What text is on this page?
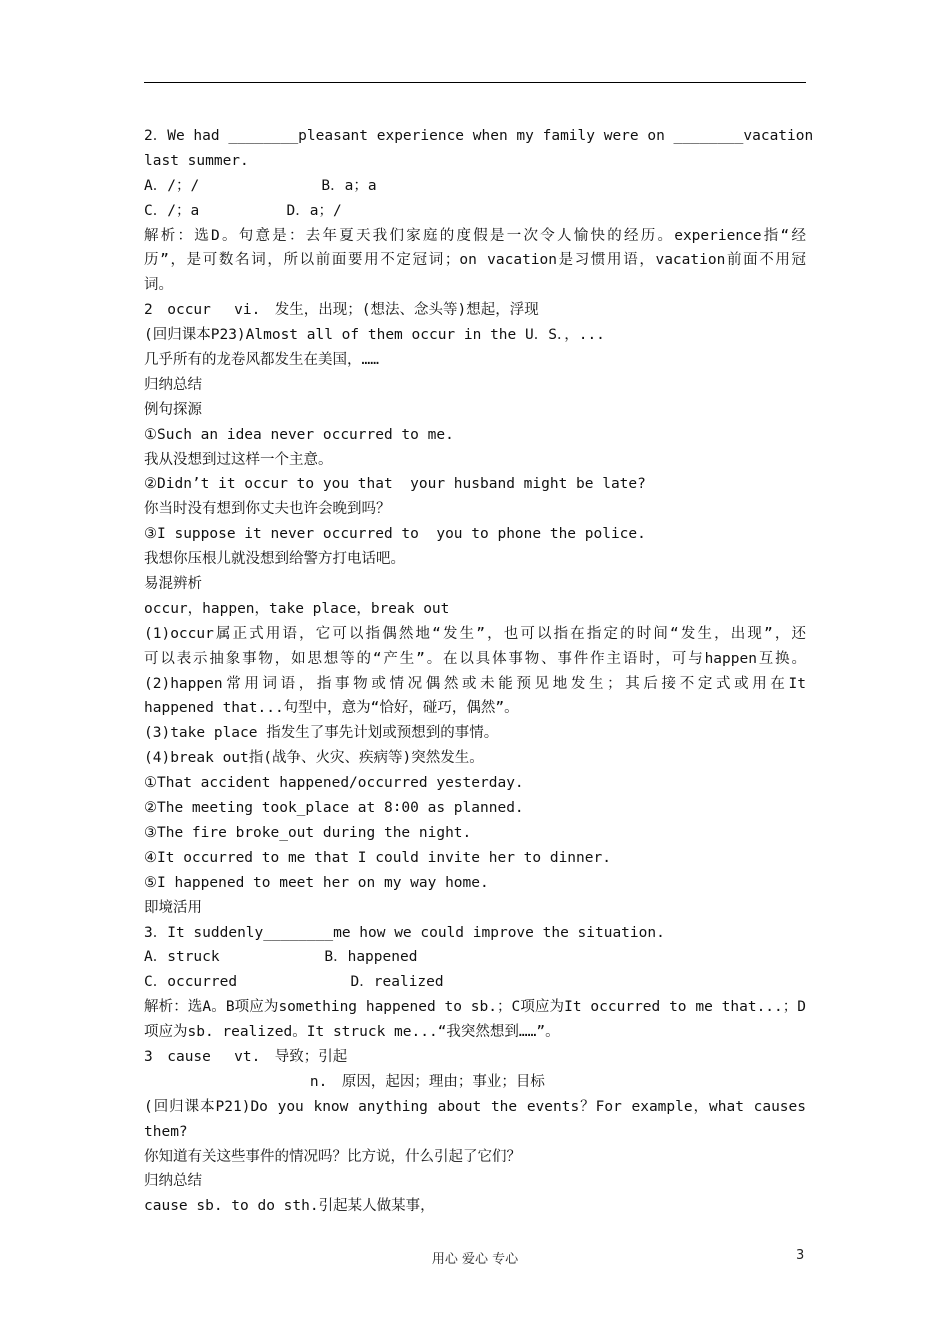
2．We had ________pleasant experience when my family were on ________vacation
last summer.
A．/；/              B．a；a
C．/；a          D．a；/
解析：选D。句意是：去年夏天我们家庭的度假是一次令人愉快的经历。experience指“经
历”，是可数名词，所以前面要用不定冠词；on vacation是习惯用语，vacation前面不用冠
词。
2　occur　 vi.　发生，出现；(想法、念头等)想起，浮现
(回归课本P23)Almost all of them occur in the U．S．，...
几乎所有的龙卷风都发生在美国，……
归纳总结
例句探源
①Such an idea never occurred to me.
我从没想到过这样一个主意。
②Didn’t it occur to you that  your husband might be late?
你当时没有想到你丈夫也许会晚到吗？
③I suppose it never occurred to  you to phone the police.
我想你压根儿就没想到给警方打电话吧。
易混辨析
occur，happen，take place，break out
(1)occur属正式用语，它可以指偶然地“发生”，也可以指在指定的时间“发生，出现”，还
可以表示抽象事物，如思想等的“产生”。在以具体事物、事件作主语时，可与happen互换。
(2)happen常用词语，指事物或情况偶然或未能预见地发生；其后接不定式或用在It
happened that...句型中，意为“恰好，碰巧，偶然”。
(3)take place 指发生了事先计划或预想到的事情。
(4)break out指(战争、火灾、疾病等)突然发生。
①That accident happened/occurred yesterday.
②The meeting took_place at 8∶00 as planned.
③The fire broke_out during the night.
④It occurred to me that I could invite her to dinner.
⑤I happened to meet her on my way home.
即境活用
3．It suddenly________me how we could improve the situation.
A．struck            B．happened
C．occurred             D．realized
解析：选A。B项应为something happened to sb.；C项应为It occurred to me that...；D
项应为sb. realized。It struck me...“我突然想到……”。
3　cause　 vt.　导致；引起
n.　原因，起因；理由；事业；目标
(回归课本P21)Do you know anything about the events？For example，what causes
them?
你知道有关这些事件的情况吗？比方说，什么引起了它们？
归纳总结
cause sb. to do sth.引起某人做某事，
用心 爱心 专心	3
